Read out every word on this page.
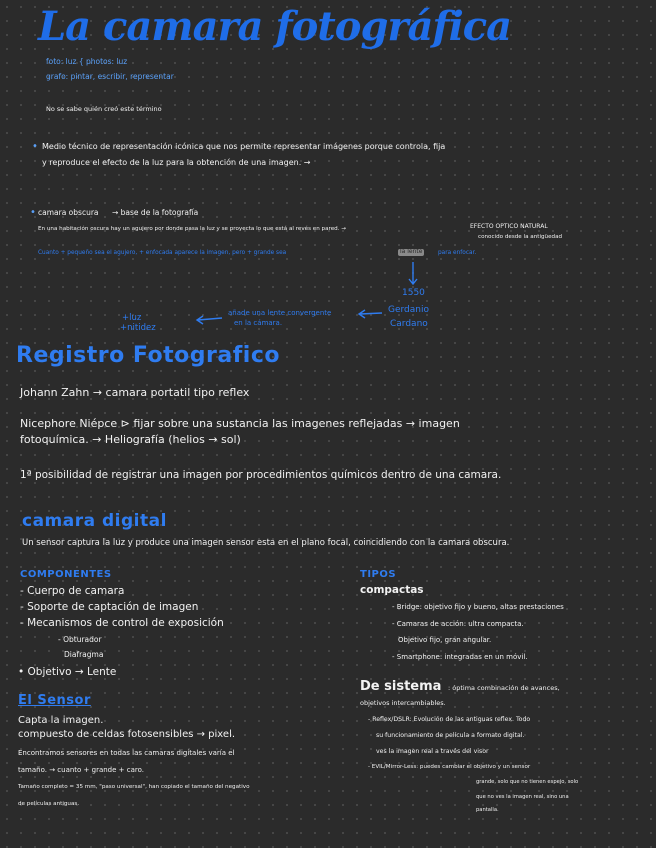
La camara fotográfica
foto: luz { photos: luz
grafo: pintar, escribir, representar
No se sabe quién creó este término
• Medio técnico de representación icónica que nos permite representar imágenes porque controla, fija
y reproduce el efecto de la luz para la obtención de una imagen. →
• camara obscura → base de la fotografía
En una habitación oscura hay un agujero por donde pasa la luz y se proyecta lo que está al revés en pared. →	EFECTO OPTICO NATURAL
conocido desde la antigüedad
Cuanto + pequeño sea el agujero, + enfocada aparece la imagen, pero + grande sea	la lente	para enfocar.
1550
Gerdanio
Cardano
añade una lente convergente
en la cámara.
+luz
+nitidez
Registro Fotografico
Johann Zahn → camara portatil tipo reflex
Nicephore Niépce ⊳ fijar sobre una sustancia las imagenes reflejadas → imagen
fotoquímica. → Heliografía (helios → sol)
1ª posibilidad de registrar una imagen por procedimientos químicos dentro de una camara.
camara digital
Un sensor captura la luz y produce una imagen sensor esta en el plano focal, coincidiendo con la camara obscura.
COMPONENTES
- Cuerpo de camara
- Soporte de captación de imagen
- Mecanismos de control de exposición
- Obturador
Diafragma
• Objetivo → Lente
El Sensor
Capta la imagen.
compuesto de celdas fotosensibles → pixel.
Encontramos sensores en todas las camaras digitales varía el
tamaño. → cuanto + grande + caro.
Tamaño completo = 35 mm, "paso universal", han copiado el tamaño del negativo
de películas antiguas.
TIPOS
compactas
- Bridge: objetivo fijo y bueno, altas prestaciones
- Camaras de acción: ultra compacta.
Objetivo fijo, gran angular.
- Smartphone: integradas en un móvil.
De sistema : óptima combinación de avances,
objetivos intercambiables.
- Reflex/DSLR: Evolución de las antiguas reflex. Todo
su funcionamiento de película a formato digital.
ves la imagen real a través del visor
- EVIL/Mirror-Less: puedes cambiar el objetivo y un sensor
grande, solo que no tienen espejo, solo
que no ves la imagen real, sino una
pantalla.
